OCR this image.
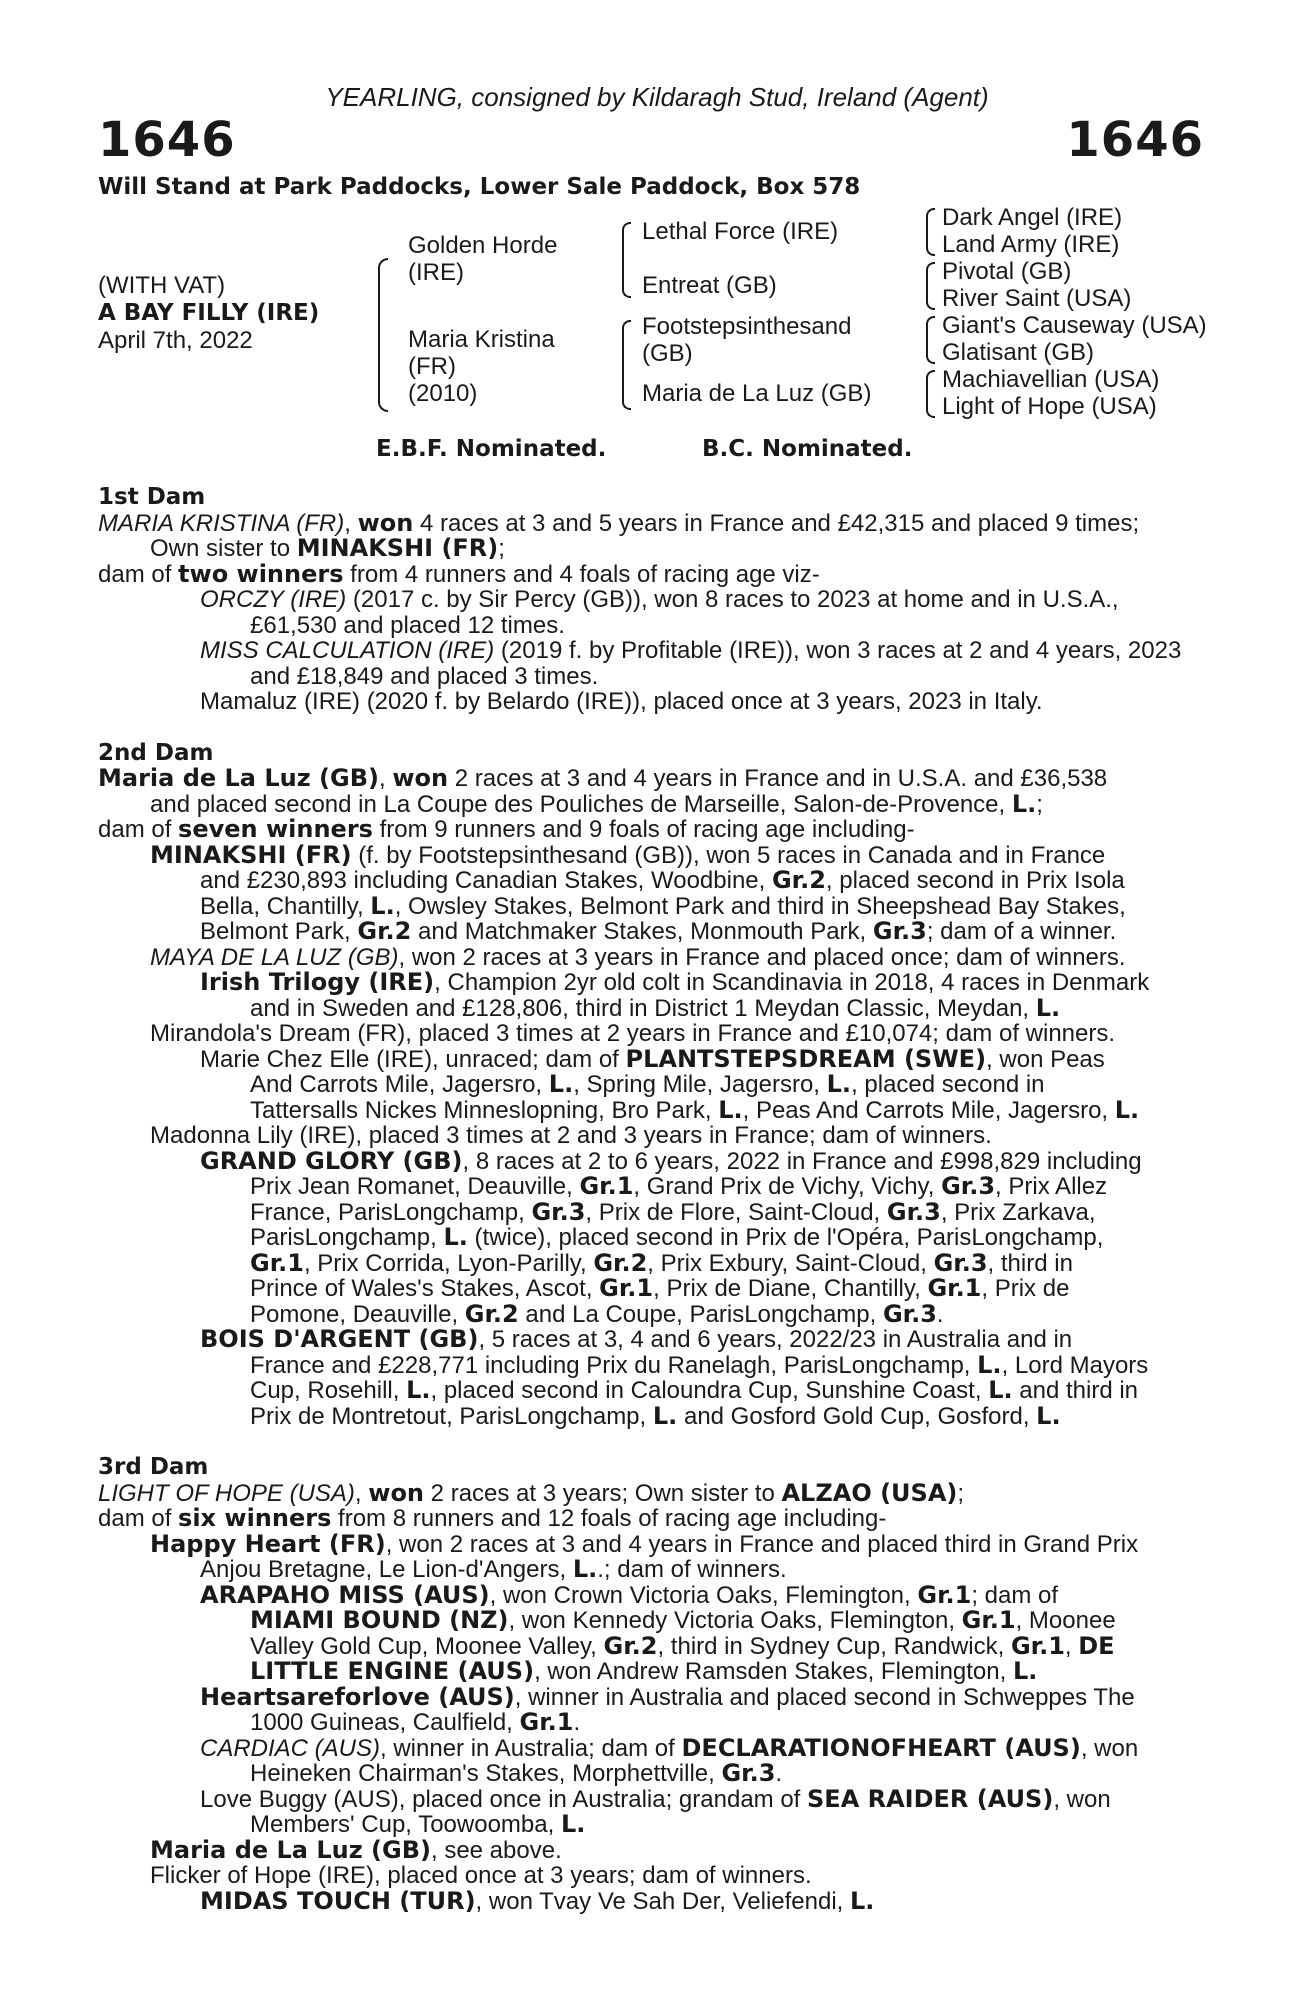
YEARLING, consigned by Kildaragh Stud, Ireland (Agent)
1646	1646
Will Stand at Park Paddocks, Lower Sale Paddock, Box 578
(WITH VAT)
A BAY FILLY (IRE)
April 7th, 2022
Golden Horde
(IRE)
Maria Kristina
(FR)
(2010)
Lethal Force (IRE)
Entreat (GB)
Footstepsinthesand
(GB)
Maria de La Luz (GB)
Dark Angel (IRE)
Land Army (IRE)
Pivotal (GB)
River Saint (USA)
Giant's Causeway (USA)
Glatisant (GB)
Machiavellian (USA)
Light of Hope (USA)
E.B.F. Nominated.	B.C. Nominated.
1st Dam
MARIA KRISTINA (FR), won 4 races at 3 and 5 years in France and £42,315 and placed 9 times;
Own sister to MINAKSHI (FR);
dam of two winners from 4 runners and 4 foals of racing age viz-
ORCZY (IRE) (2017 c. by Sir Percy (GB)), won 8 races to 2023 at home and in U.S.A.,
£61,530 and placed 12 times.
MISS CALCULATION (IRE) (2019 f. by Profitable (IRE)), won 3 races at 2 and 4 years, 2023
and £18,849 and placed 3 times.
Mamaluz (IRE) (2020 f. by Belardo (IRE)), placed once at 3 years, 2023 in Italy.
2nd Dam
Maria de La Luz (GB), won 2 races at 3 and 4 years in France and in U.S.A. and £36,538
and placed second in La Coupe des Pouliches de Marseille, Salon-de-Provence, L.;
dam of seven winners from 9 runners and 9 foals of racing age including-
MINAKSHI (FR) (f. by Footstepsinthesand (GB)), won 5 races in Canada and in France
and £230,893 including Canadian Stakes, Woodbine, Gr.2, placed second in Prix Isola
Bella, Chantilly, L., Owsley Stakes, Belmont Park and third in Sheepshead Bay Stakes,
Belmont Park, Gr.2 and Matchmaker Stakes, Monmouth Park, Gr.3; dam of a winner.
MAYA DE LA LUZ (GB), won 2 races at 3 years in France and placed once; dam of winners.
Irish Trilogy (IRE), Champion 2yr old colt in Scandinavia in 2018, 4 races in Denmark
and in Sweden and £128,806, third in District 1 Meydan Classic, Meydan, L.
Mirandola's Dream (FR), placed 3 times at 2 years in France and £10,074; dam of winners.
Marie Chez Elle (IRE), unraced; dam of PLANTSTEPSDREAM (SWE), won Peas
And Carrots Mile, Jagersro, L., Spring Mile, Jagersro, L., placed second in
Tattersalls Nickes Minneslopning, Bro Park, L., Peas And Carrots Mile, Jagersro, L.
Madonna Lily (IRE), placed 3 times at 2 and 3 years in France; dam of winners.
GRAND GLORY (GB), 8 races at 2 to 6 years, 2022 in France and £998,829 including
Prix Jean Romanet, Deauville, Gr.1, Grand Prix de Vichy, Vichy, Gr.3, Prix Allez
France, ParisLongchamp, Gr.3, Prix de Flore, Saint-Cloud, Gr.3, Prix Zarkava,
ParisLongchamp, L. (twice), placed second in Prix de l'Opéra, ParisLongchamp,
Gr.1, Prix Corrida, Lyon-Parilly, Gr.2, Prix Exbury, Saint-Cloud, Gr.3, third in
Prince of Wales's Stakes, Ascot, Gr.1, Prix de Diane, Chantilly, Gr.1, Prix de
Pomone, Deauville, Gr.2 and La Coupe, ParisLongchamp, Gr.3.
BOIS D'ARGENT (GB), 5 races at 3, 4 and 6 years, 2022/23 in Australia and in
France and £228,771 including Prix du Ranelagh, ParisLongchamp, L., Lord Mayors
Cup, Rosehill, L., placed second in Caloundra Cup, Sunshine Coast, L. and third in
Prix de Montretout, ParisLongchamp, L. and Gosford Gold Cup, Gosford, L.
3rd Dam
LIGHT OF HOPE (USA), won 2 races at 3 years; Own sister to ALZAO (USA);
dam of six winners from 8 runners and 12 foals of racing age including-
Happy Heart (FR), won 2 races at 3 and 4 years in France and placed third in Grand Prix
Anjou Bretagne, Le Lion-d'Angers, L..; dam of winners.
ARAPAHO MISS (AUS), won Crown Victoria Oaks, Flemington, Gr.1; dam of
MIAMI BOUND (NZ), won Kennedy Victoria Oaks, Flemington, Gr.1, Moonee
Valley Gold Cup, Moonee Valley, Gr.2, third in Sydney Cup, Randwick, Gr.1, DE
LITTLE ENGINE (AUS), won Andrew Ramsden Stakes, Flemington, L.
Heartsareforlove (AUS), winner in Australia and placed second in Schweppes The
1000 Guineas, Caulfield, Gr.1.
CARDIAC (AUS), winner in Australia; dam of DECLARATIONOFHEART (AUS), won
Heineken Chairman's Stakes, Morphettville, Gr.3.
Love Buggy (AUS), placed once in Australia; grandam of SEA RAIDER (AUS), won
Members' Cup, Toowoomba, L.
Maria de La Luz (GB), see above.
Flicker of Hope (IRE), placed once at 3 years; dam of winners.
MIDAS TOUCH (TUR), won Tvay Ve Sah Der, Veliefendi, L.
